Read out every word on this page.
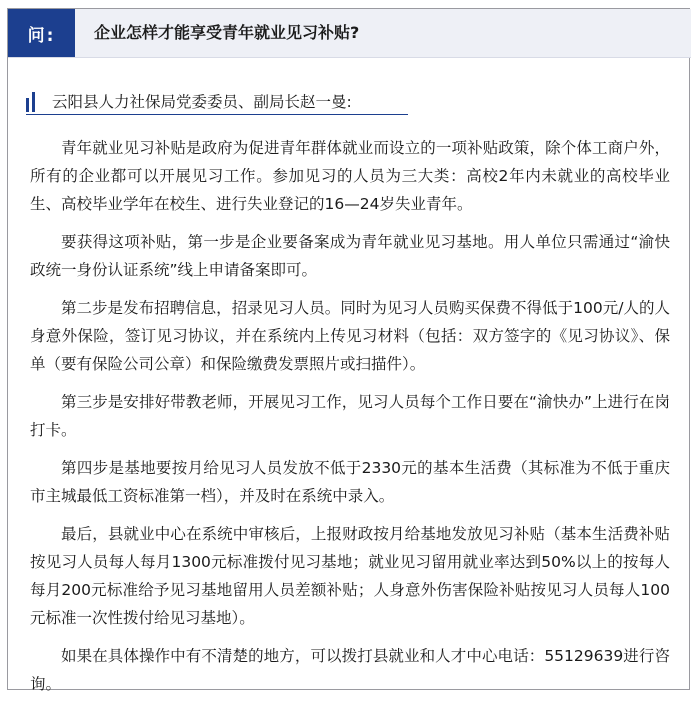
问:	企业怎样才能享受青年就业见习补贴?
云阳县人力社保局党委委员、副局长赵一曼:

青年就业见习补贴是政府为促进青年群体就业而设立的一项补贴政策，除个体工商户外，所有的企业都可以开展见习工作。参加见习的人员为三大类：高校2年内未就业的高校毕业生、高校毕业学年在校生、进行失业登记的16—24岁失业青年。

要获得这项补贴，第一步是企业要备案成为青年就业见习基地。用人单位只需通过“渝快政统一身份认证系统”线上申请备案即可。

第二步是发布招聘信息，招录见习人员。同时为见习人员购买保费不得低于100元/人的人身意外保险，签订见习协议，并在系统内上传见习材料（包括：双方签字的《见习协议》、保单（要有保险公司公章）和保险缴费发票照片或扫描件）。

第三步是安排好带教老师，开展见习工作，见习人员每个工作日要在“渝快办”上进行在岗打卡。

第四步是基地要按月给见习人员发放不低于2330元的基本生活费（其标准为不低于重庆市主城最低工资标准第一档），并及时在系统中录入。

最后，县就业中心在系统中审核后，上报财政按月给基地发放见习补贴（基本生活费补贴按见习人员每人每月1300元标准拨付见习基地；就业见习留用就业率达到50%以上的按每人每月200元标准给予见习基地留用人员差额补贴；人身意外伤害保险补贴按见习人员每人100元标准一次性拨付给见习基地）。

如果在具体操作中有不清楚的地方，可以拨打县就业和人才中心电话：55129639进行咨询。
